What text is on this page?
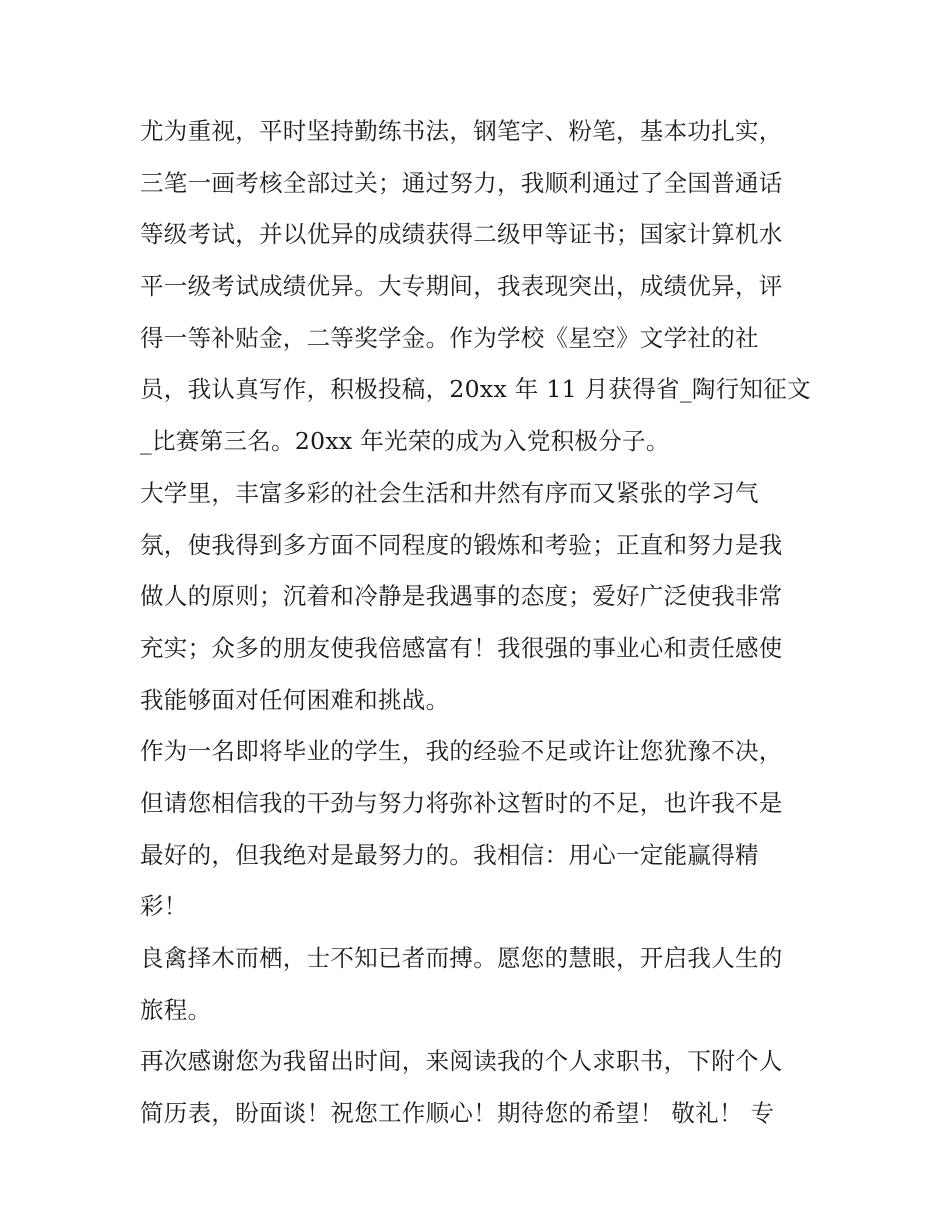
尤为重视，平时坚持勤练书法，钢笔字、粉笔，基本功扎实，
三笔一画考核全部过关；通过努力，我顺利通过了全国普通话
等级考试，并以优异的成绩获得二级甲等证书；国家计算机水
平一级考试成绩优异。大专期间，我表现突出，成绩优异，评
得一等补贴金，二等奖学金。作为学校《星空》文学社的社
员，我认真写作，积极投稿，20xx 年 11 月获得省_陶行知征文
_比赛第三名。20xx 年光荣的成为入党积极分子。
大学里，丰富多彩的社会生活和井然有序而又紧张的学习气
氛，使我得到多方面不同程度的锻炼和考验；正直和努力是我
做人的原则；沉着和冷静是我遇事的态度；爱好广泛使我非常
充实；众多的朋友使我倍感富有！我很强的事业心和责任感使
我能够面对任何困难和挑战。
作为一名即将毕业的学生，我的经验不足或许让您犹豫不决，
但请您相信我的干劲与努力将弥补这暂时的不足，也许我不是
最好的，但我绝对是最努力的。我相信：用心一定能赢得精
彩！
良禽择木而栖，士不知已者而搏。愿您的慧眼，开启我人生的
旅程。
再次感谢您为我留出时间，来阅读我的个人求职书，下附个人
简历表，盼面谈！祝您工作顺心！期待您的希望！ 敬礼！ 专
